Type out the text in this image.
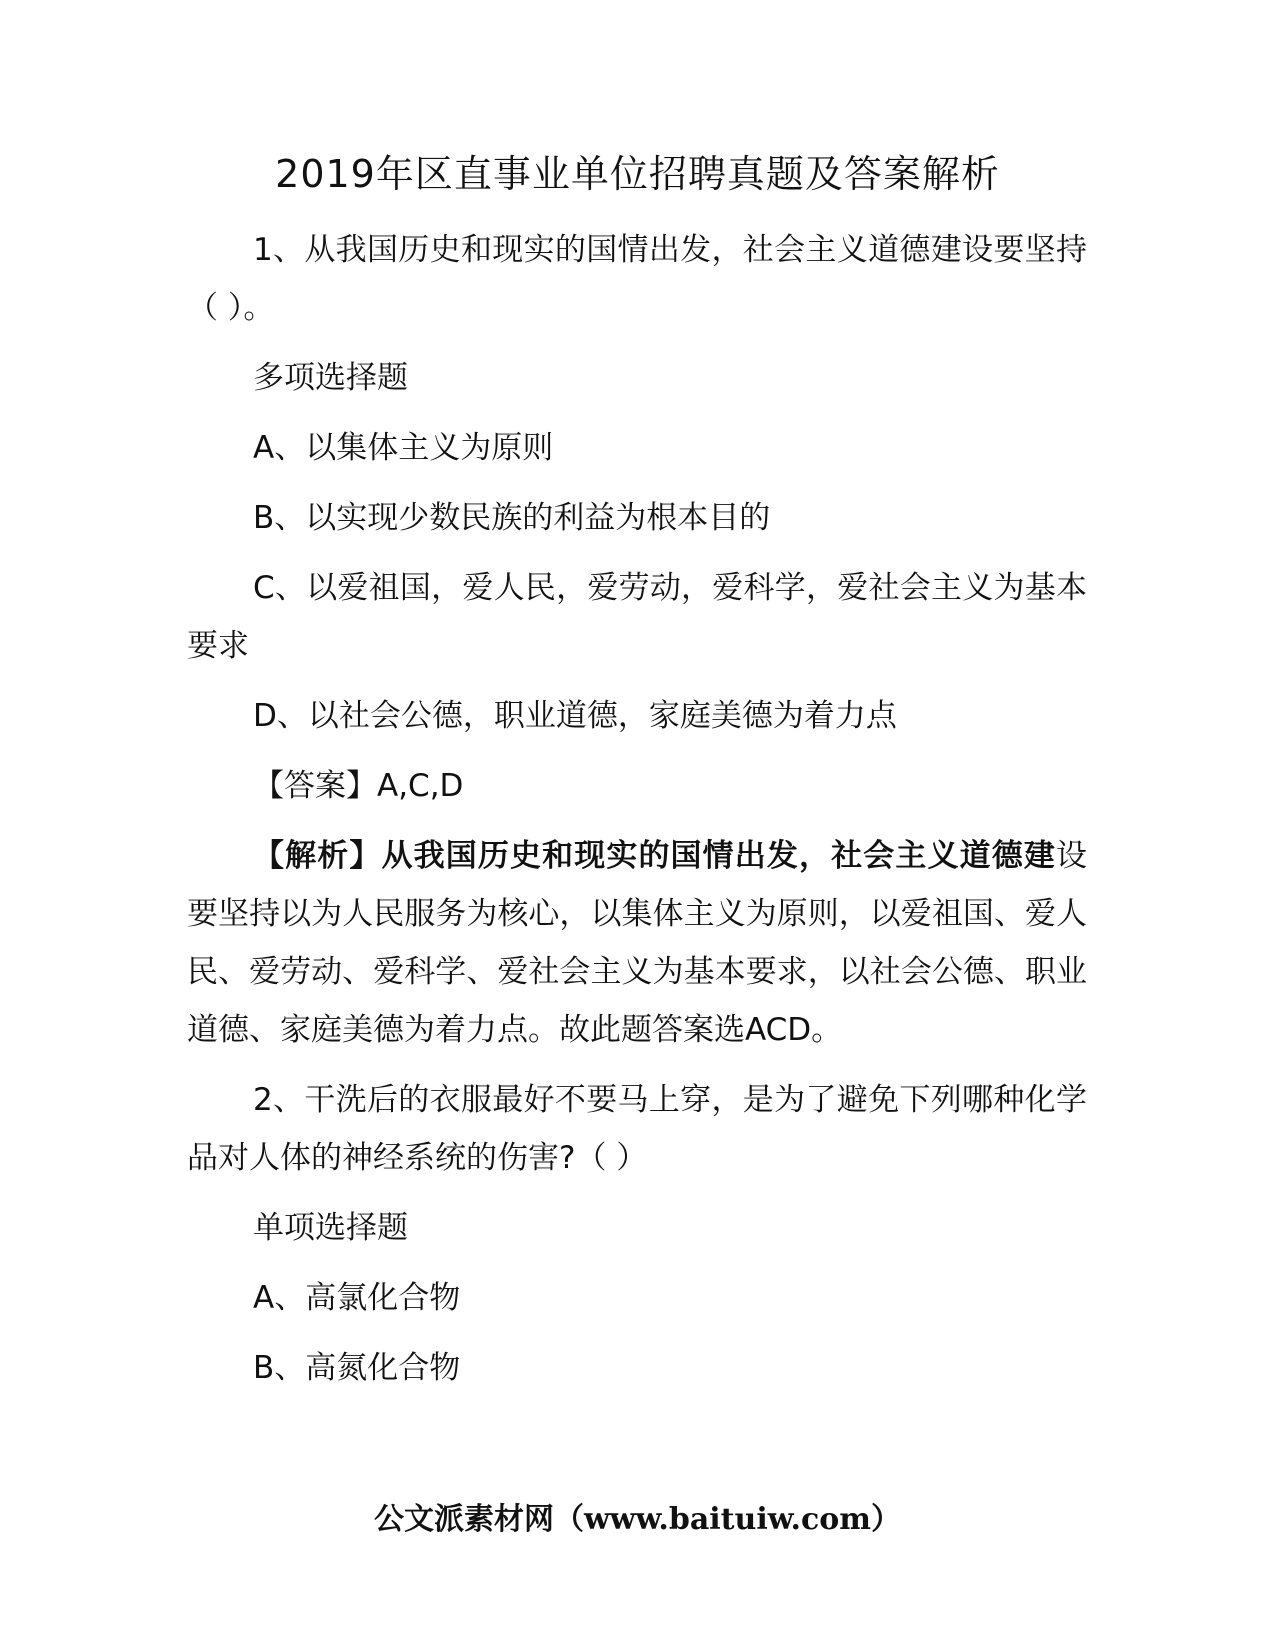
2019年区直事业单位招聘真题及答案解析

1、从我国历史和现实的国情出发，社会主义道德建设要坚持（ ）。

多项选择题

A、以集体主义为原则

B、以实现少数民族的利益为根本目的

C、以爱祖国，爱人民，爱劳动，爱科学，爱社会主义为基本要求

D、以社会公德，职业道德，家庭美德为着力点

【答案】A,C,D

【解析】从我国历史和现实的国情出发，社会主义道德建设要坚持以为人民服务为核心，以集体主义为原则，以爱祖国、爱人民、爱劳动、爱科学、爱社会主义为基本要求，以社会公德、职业道德、家庭美德为着力点。故此题答案选ACD。

2、干洗后的衣服最好不要马上穿，是为了避免下列哪种化学品对人体的神经系统的伤害?（ ）

单项选择题

A、高氯化合物

B、高氮化合物

公文派素材网（www.baituiw.com）
